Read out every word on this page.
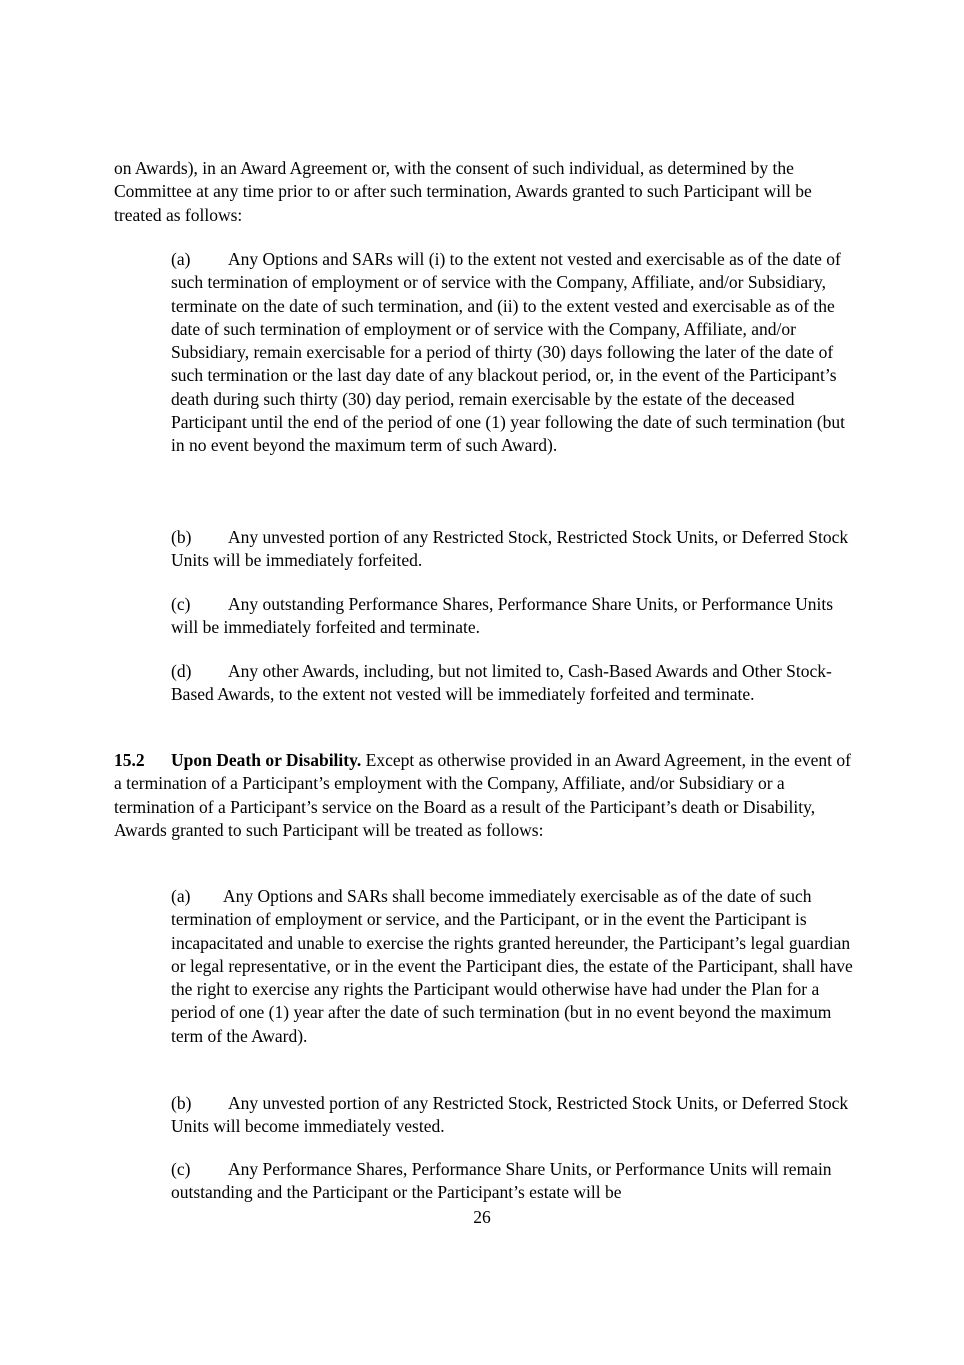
on Awards), in an Award Agreement or, with the consent of such individual, as determined by the Committee at any time prior to or after such termination, Awards granted to such Participant will be treated as follows:

(a) Any Options and SARs will (i) to the extent not vested and exercisable as of the date of such termination of employment or of service with the Company, Affiliate, and/or Subsidiary, terminate on the date of such termination, and (ii) to the extent vested and exercisable as of the date of such termination of employment or of service with the Company, Affiliate, and/or Subsidiary, remain exercisable for a period of thirty (30) days following the later of the date of such termination or the last day date of any blackout period, or, in the event of the Participant’s death during such thirty (30) day period, remain exercisable by the estate of the deceased Participant until the end of the period of one (1) year following the date of such termination (but in no event beyond the maximum term of such Award).

(b) Any unvested portion of any Restricted Stock, Restricted Stock Units, or Deferred Stock Units will be immediately forfeited.

(c) Any outstanding Performance Shares, Performance Share Units, or Performance Units will be immediately forfeited and terminate.

(d) Any other Awards, including, but not limited to, Cash-Based Awards and Other Stock-Based Awards, to the extent not vested will be immediately forfeited and terminate.

15.2 Upon Death or Disability. Except as otherwise provided in an Award Agreement, in the event of a termination of a Participant’s employment with the Company, Affiliate, and/or Subsidiary or a termination of a Participant’s service on the Board as a result of the Participant’s death or Disability, Awards granted to such Participant will be treated as follows:

(a) Any Options and SARs shall become immediately exercisable as of the date of such termination of employment or service, and the Participant, or in the event the Participant is incapacitated and unable to exercise the rights granted hereunder, the Participant’s legal guardian or legal representative, or in the event the Participant dies, the estate of the Participant, shall have the right to exercise any rights the Participant would otherwise have had under the Plan for a period of one (1) year after the date of such termination (but in no event beyond the maximum term of the Award).

(b) Any unvested portion of any Restricted Stock, Restricted Stock Units, or Deferred Stock Units will become immediately vested.

(c) Any Performance Shares, Performance Share Units, or Performance Units will remain outstanding and the Participant or the Participant’s estate will be

26
